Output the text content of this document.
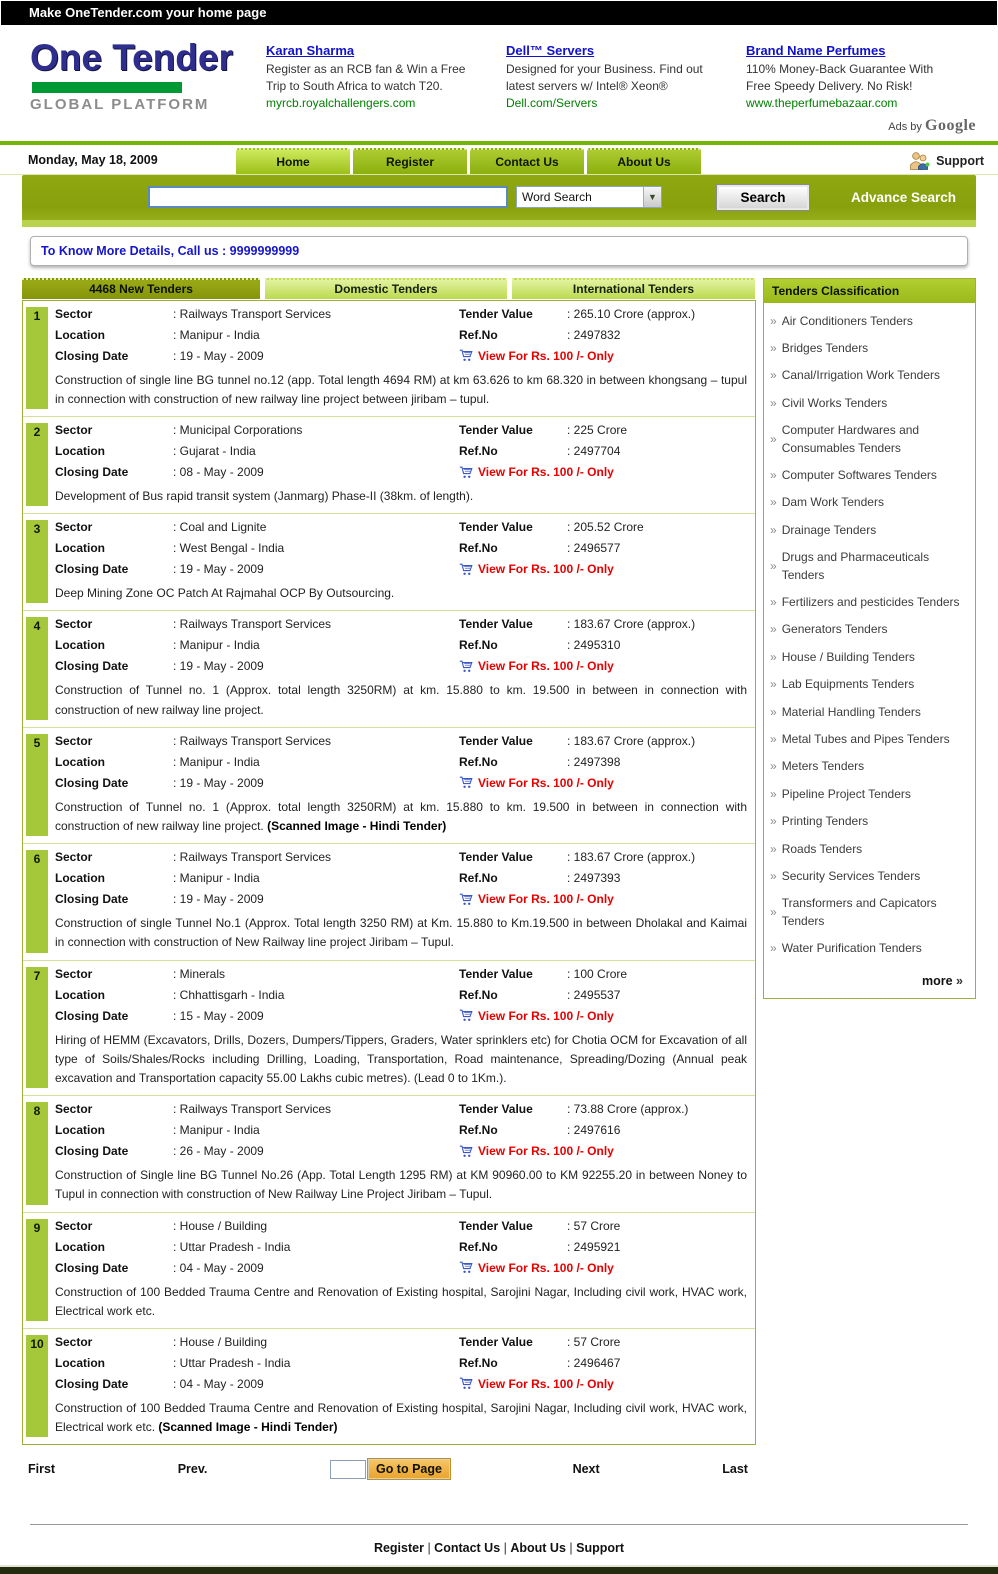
Make OneTender.com your home page
One Tender
GLOBAL PLATFORM
Karan Sharma
Register as an RCB fan & Win a Free
Trip to South Africa to watch T20.
myrcb.royalchallengers.com
Dell™ Servers
Designed for your Business. Find out
latest servers w/ Intel® Xeon®
Dell.com/Servers
Brand Name Perfumes
110% Money-Back Guarantee With
Free Speedy Delivery. No Risk!
www.theperfumebazaar.com
Ads by Google
Monday, May 18, 2009	Home	Register	Contact Us	About Us	Support
Word Search	▼	Search	Advance Search
To Know More Details, Call us : 9999999999
4468 New Tenders	Domestic Tenders	International Tenders
1	Sector	: Railways Transport Services	Tender Value	: 265.10 Crore (approx.)
Location	: Manipur - India	Ref.No	: 2497832
Closing Date	: 19 - May - 2009	View For Rs. 100 /- Only
Construction of single line BG tunnel no.12 (app. Total length 4694 RM) at km 63.626 to km 68.320 in between khongsang – tupul in connection with construction of new railway line project between jiribam – tupul.
2	Sector	: Municipal Corporations	Tender Value	: 225 Crore
Location	: Gujarat - India	Ref.No	: 2497704
Closing Date	: 08 - May - 2009	View For Rs. 100 /- Only
Development of Bus rapid transit system (Janmarg) Phase-II (38km. of length).
3	Sector	: Coal and Lignite	Tender Value	: 205.52 Crore
Location	: West Bengal - India	Ref.No	: 2496577
Closing Date	: 19 - May - 2009	View For Rs. 100 /- Only
Deep Mining Zone OC Patch At Rajmahal OCP By Outsourcing.
4	Sector	: Railways Transport Services	Tender Value	: 183.67 Crore (approx.)
Location	: Manipur - India	Ref.No	: 2495310
Closing Date	: 19 - May - 2009	View For Rs. 100 /- Only
Construction of Tunnel no. 1 (Approx. total length 3250RM) at km. 15.880 to km. 19.500 in between in connection with construction of new railway line project.
5	Sector	: Railways Transport Services	Tender Value	: 183.67 Crore (approx.)
Location	: Manipur - India	Ref.No	: 2497398
Closing Date	: 19 - May - 2009	View For Rs. 100 /- Only
Construction of Tunnel no. 1 (Approx. total length 3250RM) at km. 15.880 to km. 19.500 in between in connection with construction of new railway line project. (Scanned Image - Hindi Tender)
6	Sector	: Railways Transport Services	Tender Value	: 183.67 Crore (approx.)
Location	: Manipur - India	Ref.No	: 2497393
Closing Date	: 19 - May - 2009	View For Rs. 100 /- Only
Construction of single Tunnel No.1 (Approx. Total length 3250 RM) at Km. 15.880 to Km.19.500 in between Dholakal and Kaimai in connection with construction of New Railway line project Jiribam – Tupul.
7	Sector	: Minerals	Tender Value	: 100 Crore
Location	: Chhattisgarh - India	Ref.No	: 2495537
Closing Date	: 15 - May - 2009	View For Rs. 100 /- Only
Hiring of HEMM (Excavators, Drills, Dozers, Dumpers/Tippers, Graders, Water sprinklers etc) for Chotia OCM for Excavation of all type of Soils/Shales/Rocks including Drilling, Loading, Transportation, Road maintenance, Spreading/Dozing (Annual peak excavation and Transportation capacity 55.00 Lakhs cubic metres). (Lead 0 to 1Km.).
8	Sector	: Railways Transport Services	Tender Value	: 73.88 Crore (approx.)
Location	: Manipur - India	Ref.No	: 2497616
Closing Date	: 26 - May - 2009	View For Rs. 100 /- Only
Construction of Single line BG Tunnel No.26 (App. Total Length 1295 RM) at KM 90960.00 to KM 92255.20 in between Noney to Tupul in connection with construction of New Railway Line Project Jiribam – Tupul.
9	Sector	: House / Building	Tender Value	: 57 Crore
Location	: Uttar Pradesh - India	Ref.No	: 2495921
Closing Date	: 04 - May - 2009	View For Rs. 100 /- Only
Construction of 100 Bedded Trauma Centre and Renovation of Existing hospital, Sarojini Nagar, Including civil work, HVAC work, Electrical work etc.
10 Sector	: House / Building	Tender Value	: 57 Crore
Location	: Uttar Pradesh - India	Ref.No	: 2496467
Closing Date	: 04 - May - 2009	View For Rs. 100 /- Only
Construction of 100 Bedded Trauma Centre and Renovation of Existing hospital, Sarojini Nagar, Including civil work, HVAC work, Electrical work etc. (Scanned Image - Hindi Tender)
First	Prev.	Go to Page	Next	Last
Tenders Classification
» Air Conditioners Tenders
» Bridges Tenders
» Canal/Irrigation Work Tenders
» Civil Works Tenders
»
Computer Hardwares and Consumables Tenders
» Computer Softwares Tenders
» Dam Work Tenders
» Drainage Tenders
»
Drugs and Pharmaceuticals Tenders
» Fertilizers and pesticides Tenders
» Generators Tenders
» House / Building Tenders
» Lab Equipments Tenders
» Material Handling Tenders
» Metal Tubes and Pipes Tenders
» Meters Tenders
» Pipeline Project Tenders
» Printing Tenders
» Roads Tenders
» Security Services Tenders
»
Transformers and Capicators Tenders
» Water Purification Tenders
more »
Register | Contact Us | About Us | Support
